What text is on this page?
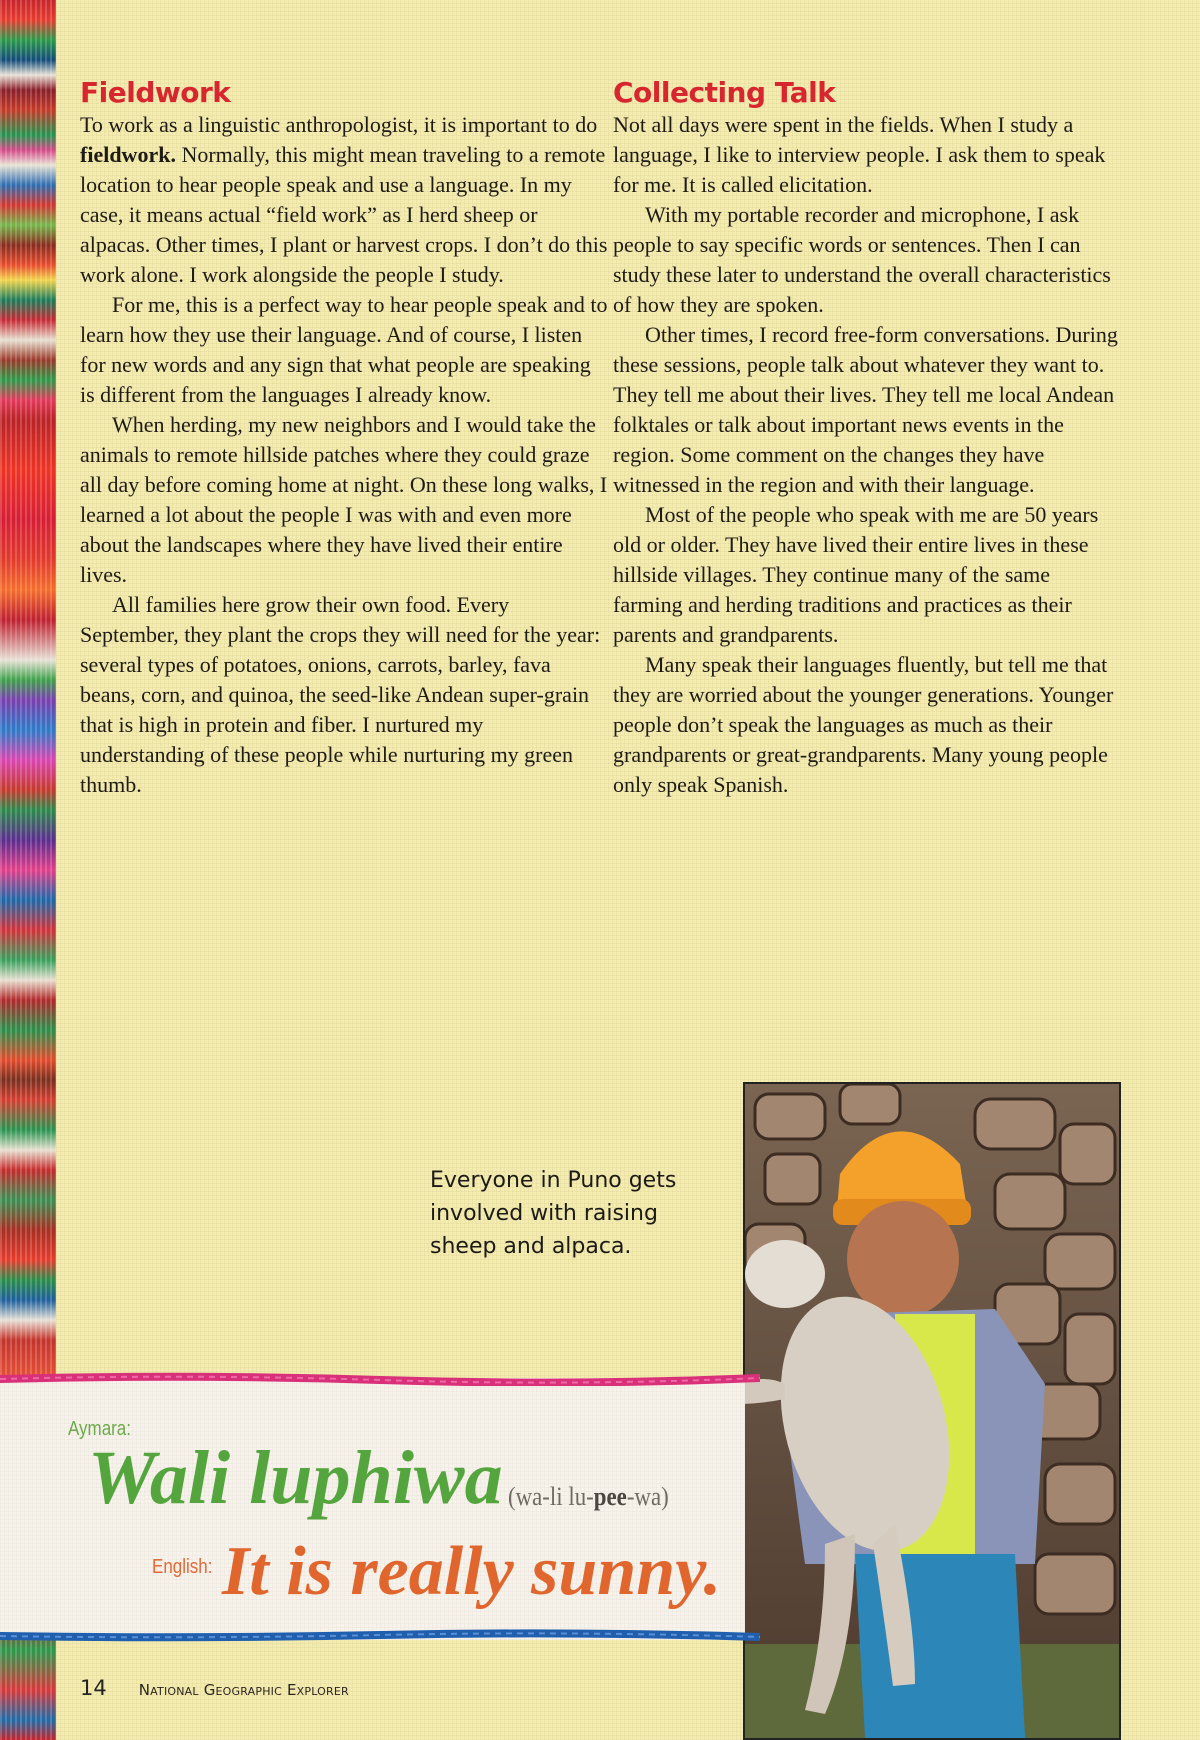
Fieldwork

To work as a linguistic anthropologist, it is important to do fieldwork. Normally, this might mean traveling to a remote location to hear people speak and use a language. In my case, it means actual “field work” as I herd sheep or alpacas. Other times, I plant or harvest crops. I don’t do this work alone. I work alongside the people I study.

For me, this is a perfect way to hear people speak and to learn how they use their language. And of course, I listen for new words and any sign that what people are speaking is different from the languages I already know.

When herding, my new neighbors and I would take the animals to remote hillside patches where they could graze all day before coming home at night. On these long walks, I learned a lot about the people I was with and even more about the landscapes where they have lived their entire lives.

All families here grow their own food. Every September, they plant the crops they will need for the year: several types of potatoes, onions, carrots, barley, fava beans, corn, and quinoa, the seed-like Andean super-grain that is high in protein and fiber. I nurtured my understanding of these people while nurturing my green thumb.

Collecting Talk

Not all days were spent in the fields. When I study a language, I like to interview people. I ask them to speak for me. It is called elicitation.

With my portable recorder and microphone, I ask people to say specific words or sentences. Then I can study these later to understand the overall characteristics of how they are spoken.

Other times, I record free-form conversations. During these sessions, people talk about whatever they want to. They tell me about their lives. They tell me local Andean folktales or talk about important news events in the region. Some comment on the changes they have witnessed in the region and with their language.

Most of the people who speak with me are 50 years old or older. They have lived their entire lives in these hillside villages. They continue many of the same farming and herding traditions and practices as their parents and grandparents.

Many speak their languages fluently, but tell me that they are worried about the younger generations. Younger people don’t speak the languages as much as their grandparents or great-grandparents. Many young people only speak Spanish.

Everyone in Puno gets
involved with raising
sheep and alpaca.
Aymara:
Wali luphiwa (wa-li lu-pee-wa)
English: It is really sunny.
14 National Geographic Explorer
